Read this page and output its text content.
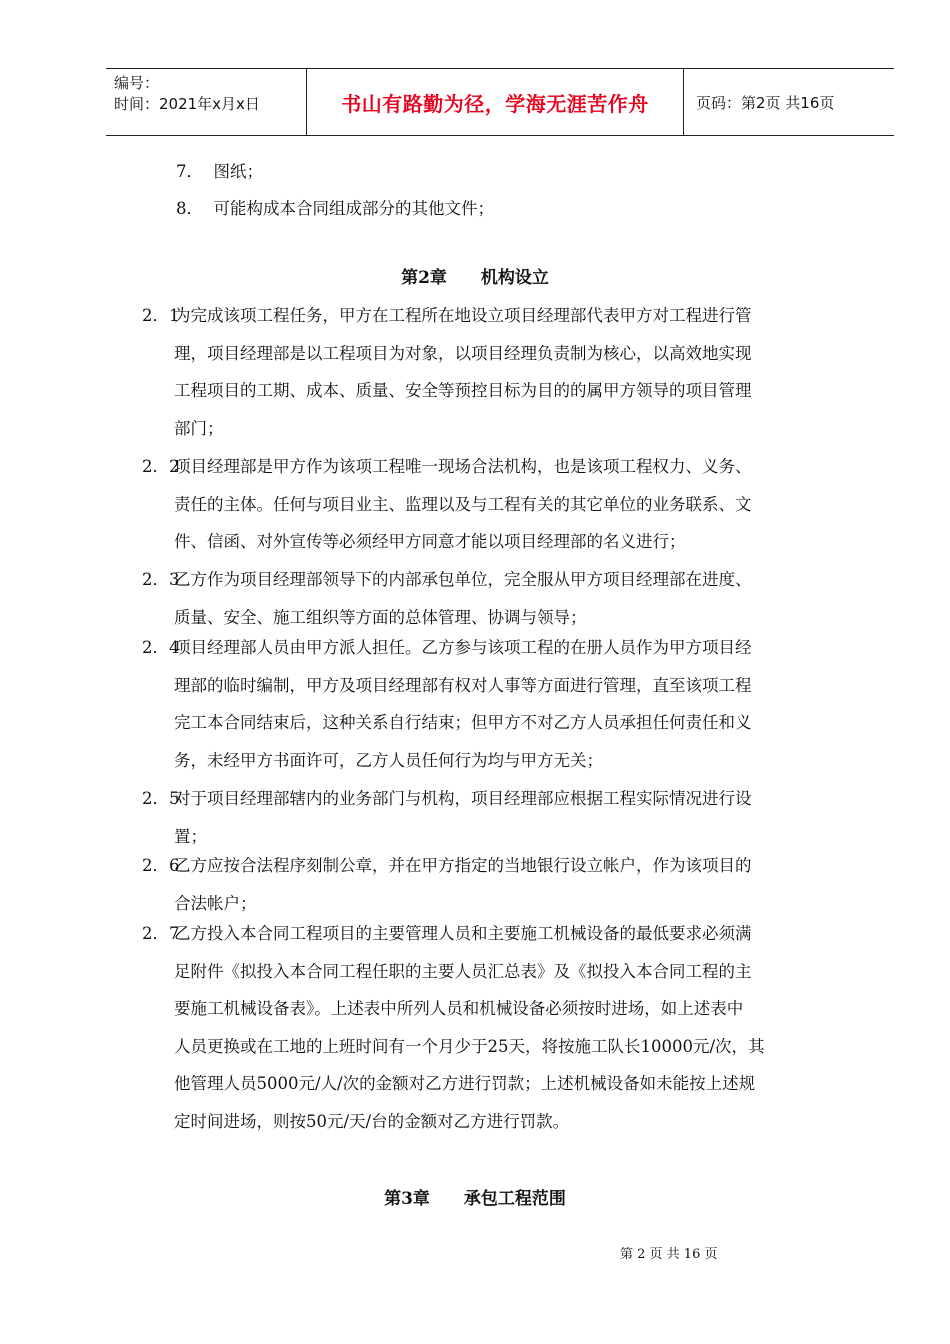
编号：
时间：2021年x月x日	书山有路勤为径，学海无涯苦作舟	页码：第2页 共16页
7． 图纸；
8． 可能构成本合同组成部分的其他文件；
第2章 机构设立
2．1
为完成该项工程任务，甲方在工程所在地设立项目经理部代表甲方对工程进行管
理，项目经理部是以工程项目为对象，以项目经理负责制为核心，以高效地实现
工程项目的工期、成本、质量、安全等预控目标为目的的属甲方领导的项目管理
部门；
2．2
项目经理部是甲方作为该项工程唯一现场合法机构，也是该项工程权力、义务、
责任的主体。任何与项目业主、监理以及与工程有关的其它单位的业务联系、文
件、信函、对外宣传等必须经甲方同意才能以项目经理部的名义进行；
2．3
乙方作为项目经理部领导下的内部承包单位，完全服从甲方项目经理部在进度、
质量、安全、施工组织等方面的总体管理、协调与领导；
2．4
项目经理部人员由甲方派人担任。乙方参与该项工程的在册人员作为甲方项目经
理部的临时编制，甲方及项目经理部有权对人事等方面进行管理，直至该项工程
完工本合同结束后，这种关系自行结束；但甲方不对乙方人员承担任何责任和义
务，未经甲方书面许可，乙方人员任何行为均与甲方无关；
2．5
对于项目经理部辖内的业务部门与机构，项目经理部应根据工程实际情况进行设
置；
2．6
乙方应按合法程序刻制公章，并在甲方指定的当地银行设立帐户，作为该项目的
合法帐户；
2．7
乙方投入本合同工程项目的主要管理人员和主要施工机械设备的最低要求必须满
足附件《拟投入本合同工程任职的主要人员汇总表》及《拟投入本合同工程的主
要施工机械设备表》。上述表中所列人员和机械设备必须按时进场，如上述表中
人员更换或在工地的上班时间有一个月少于25天，将按施工队长10000元/次，其
他管理人员5000元/人/次的金额对乙方进行罚款；上述机械设备如未能按上述规
定时间进场，则按50元/天/台的金额对乙方进行罚款。
第3章 承包工程范围
第 2 页 共 16 页
